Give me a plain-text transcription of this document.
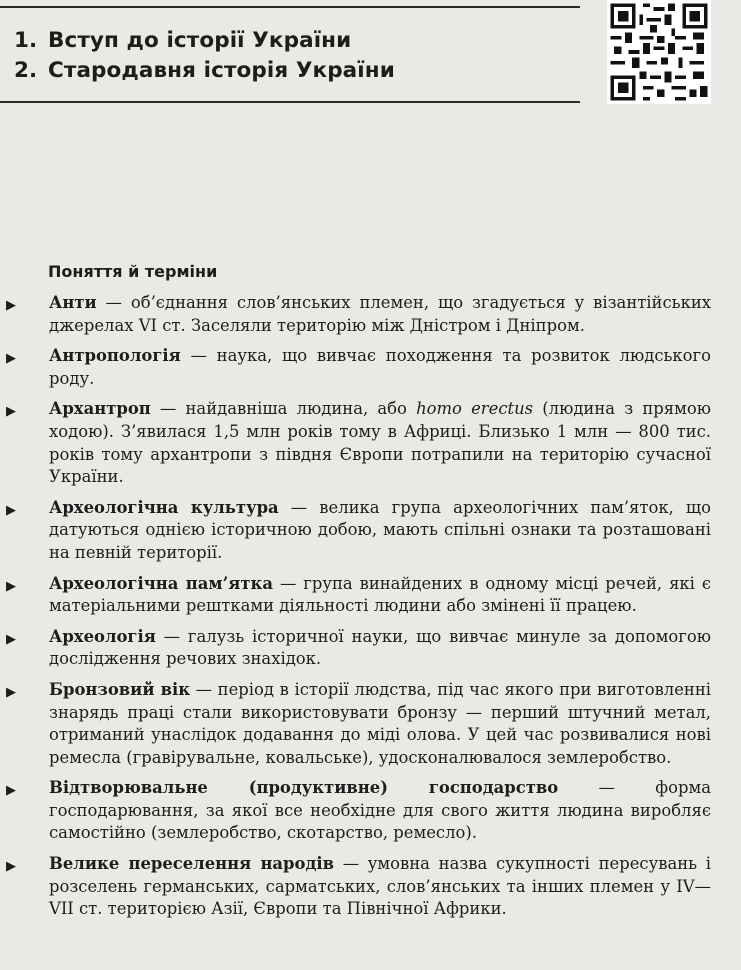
1. Вступ до історії України
2. Стародавня історія України
Поняття й терміни
▶ Анти — об’єднання слов’янських племен, що згадується у візантійських джерелах VI ст. Заселяли територію між Дністром і Дніпром.
▶ Антропологія — наука, що вивчає походження та розвиток людського роду.
▶ Архантроп — найдавніша людина, або homo erectus (людина з прямою ходою). З’явилася 1,5 млн років тому в Африці. Близько 1 млн — 800 тис. років тому архантропи з півдня Європи потрапили на територію сучасної України.
▶ Археологічна культура — велика група археологічних пам’яток, що датуються однією історичною добою, мають спільні ознаки та розташовані на певній території.
▶ Археологічна пам’ятка — група винайдених в одному місці речей, які є матеріальними рештками діяльності людини або змінені її працею.
▶ Археологія — галузь історичної науки, що вивчає минуле за допомогою дослідження речових знахідок.
▶ Бронзовий вік — період в історії людства, під час якого при виготовленні знарядь праці стали використовувати бронзу — перший штучний метал, отриманий унаслідок додавання до міді олова. У цей час розвивалися нові ремесла (гравірувальне, ковальське), удосконалювалося землеробство.
▶ Відтворювальне (продуктивне) господарство — форма господарювання, за якої все необхідне для свого життя людина виробляє самостійно (землеробство, скотарство, ремесло).
▶ Велике переселення народів — умовна назва сукупності пересувань і розселень германських, сарматських, слов’янських та інших племен у IV—VII ст. територією Азії, Європи та Північної Африки.
